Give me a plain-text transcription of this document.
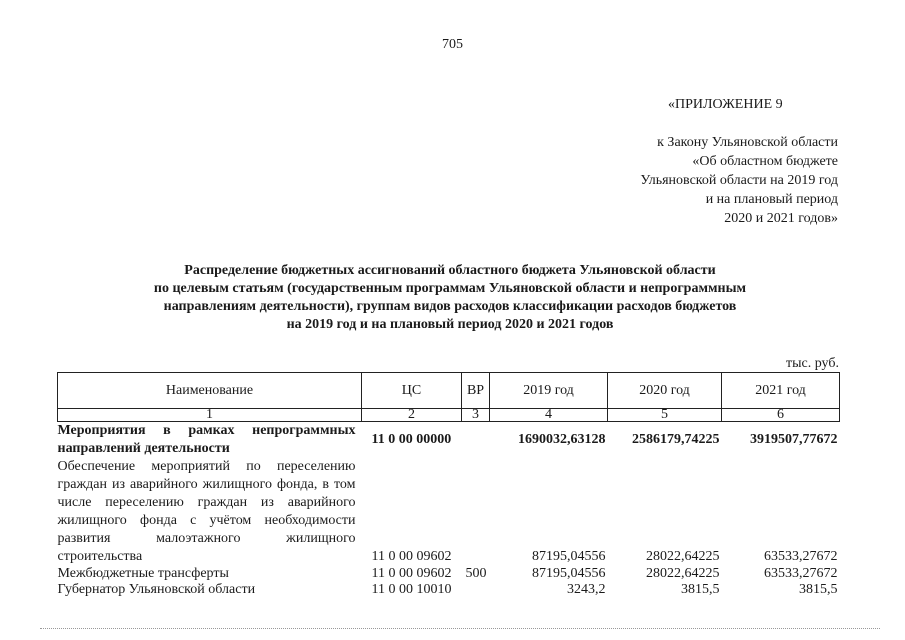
705
«ПРИЛОЖЕНИЕ 9
к Закону Ульяновской области
«Об областном бюджете
Ульяновской области на 2019 год
и на плановый период
2020 и 2021 годов»
Распределение бюджетных ассигнований областного бюджета Ульяновской области
по целевым статьям (государственным программам Ульяновской области и непрограммным
направлениям деятельности), группам видов расходов классификации расходов бюджетов
на 2019 год и на плановый период 2020 и 2021 годов
тыс. руб.
Наименование	ЦС	ВР	2019 год	2020 год	2021 год
1	2	3	4	5	6
Мероприятия в рамках непрограммных направлений деятельности	11 0 00 00000		1690032,63128	2586179,74225	3919507,77672
Обеспечение мероприятий по переселению граждан из аварийного жилищного фонда, в том числе переселению граждан из аварийного жилищного фонда с учётом необходимости развития малоэтажного жилищного строительства	11 0 00 09602		87195,04556	28022,64225	63533,27672
Межбюджетные трансферты	11 0 00 09602	500	87195,04556	28022,64225	63533,27672
Губернатор Ульяновской области	11 0 00 10010		3243,2	3815,5	3815,5
